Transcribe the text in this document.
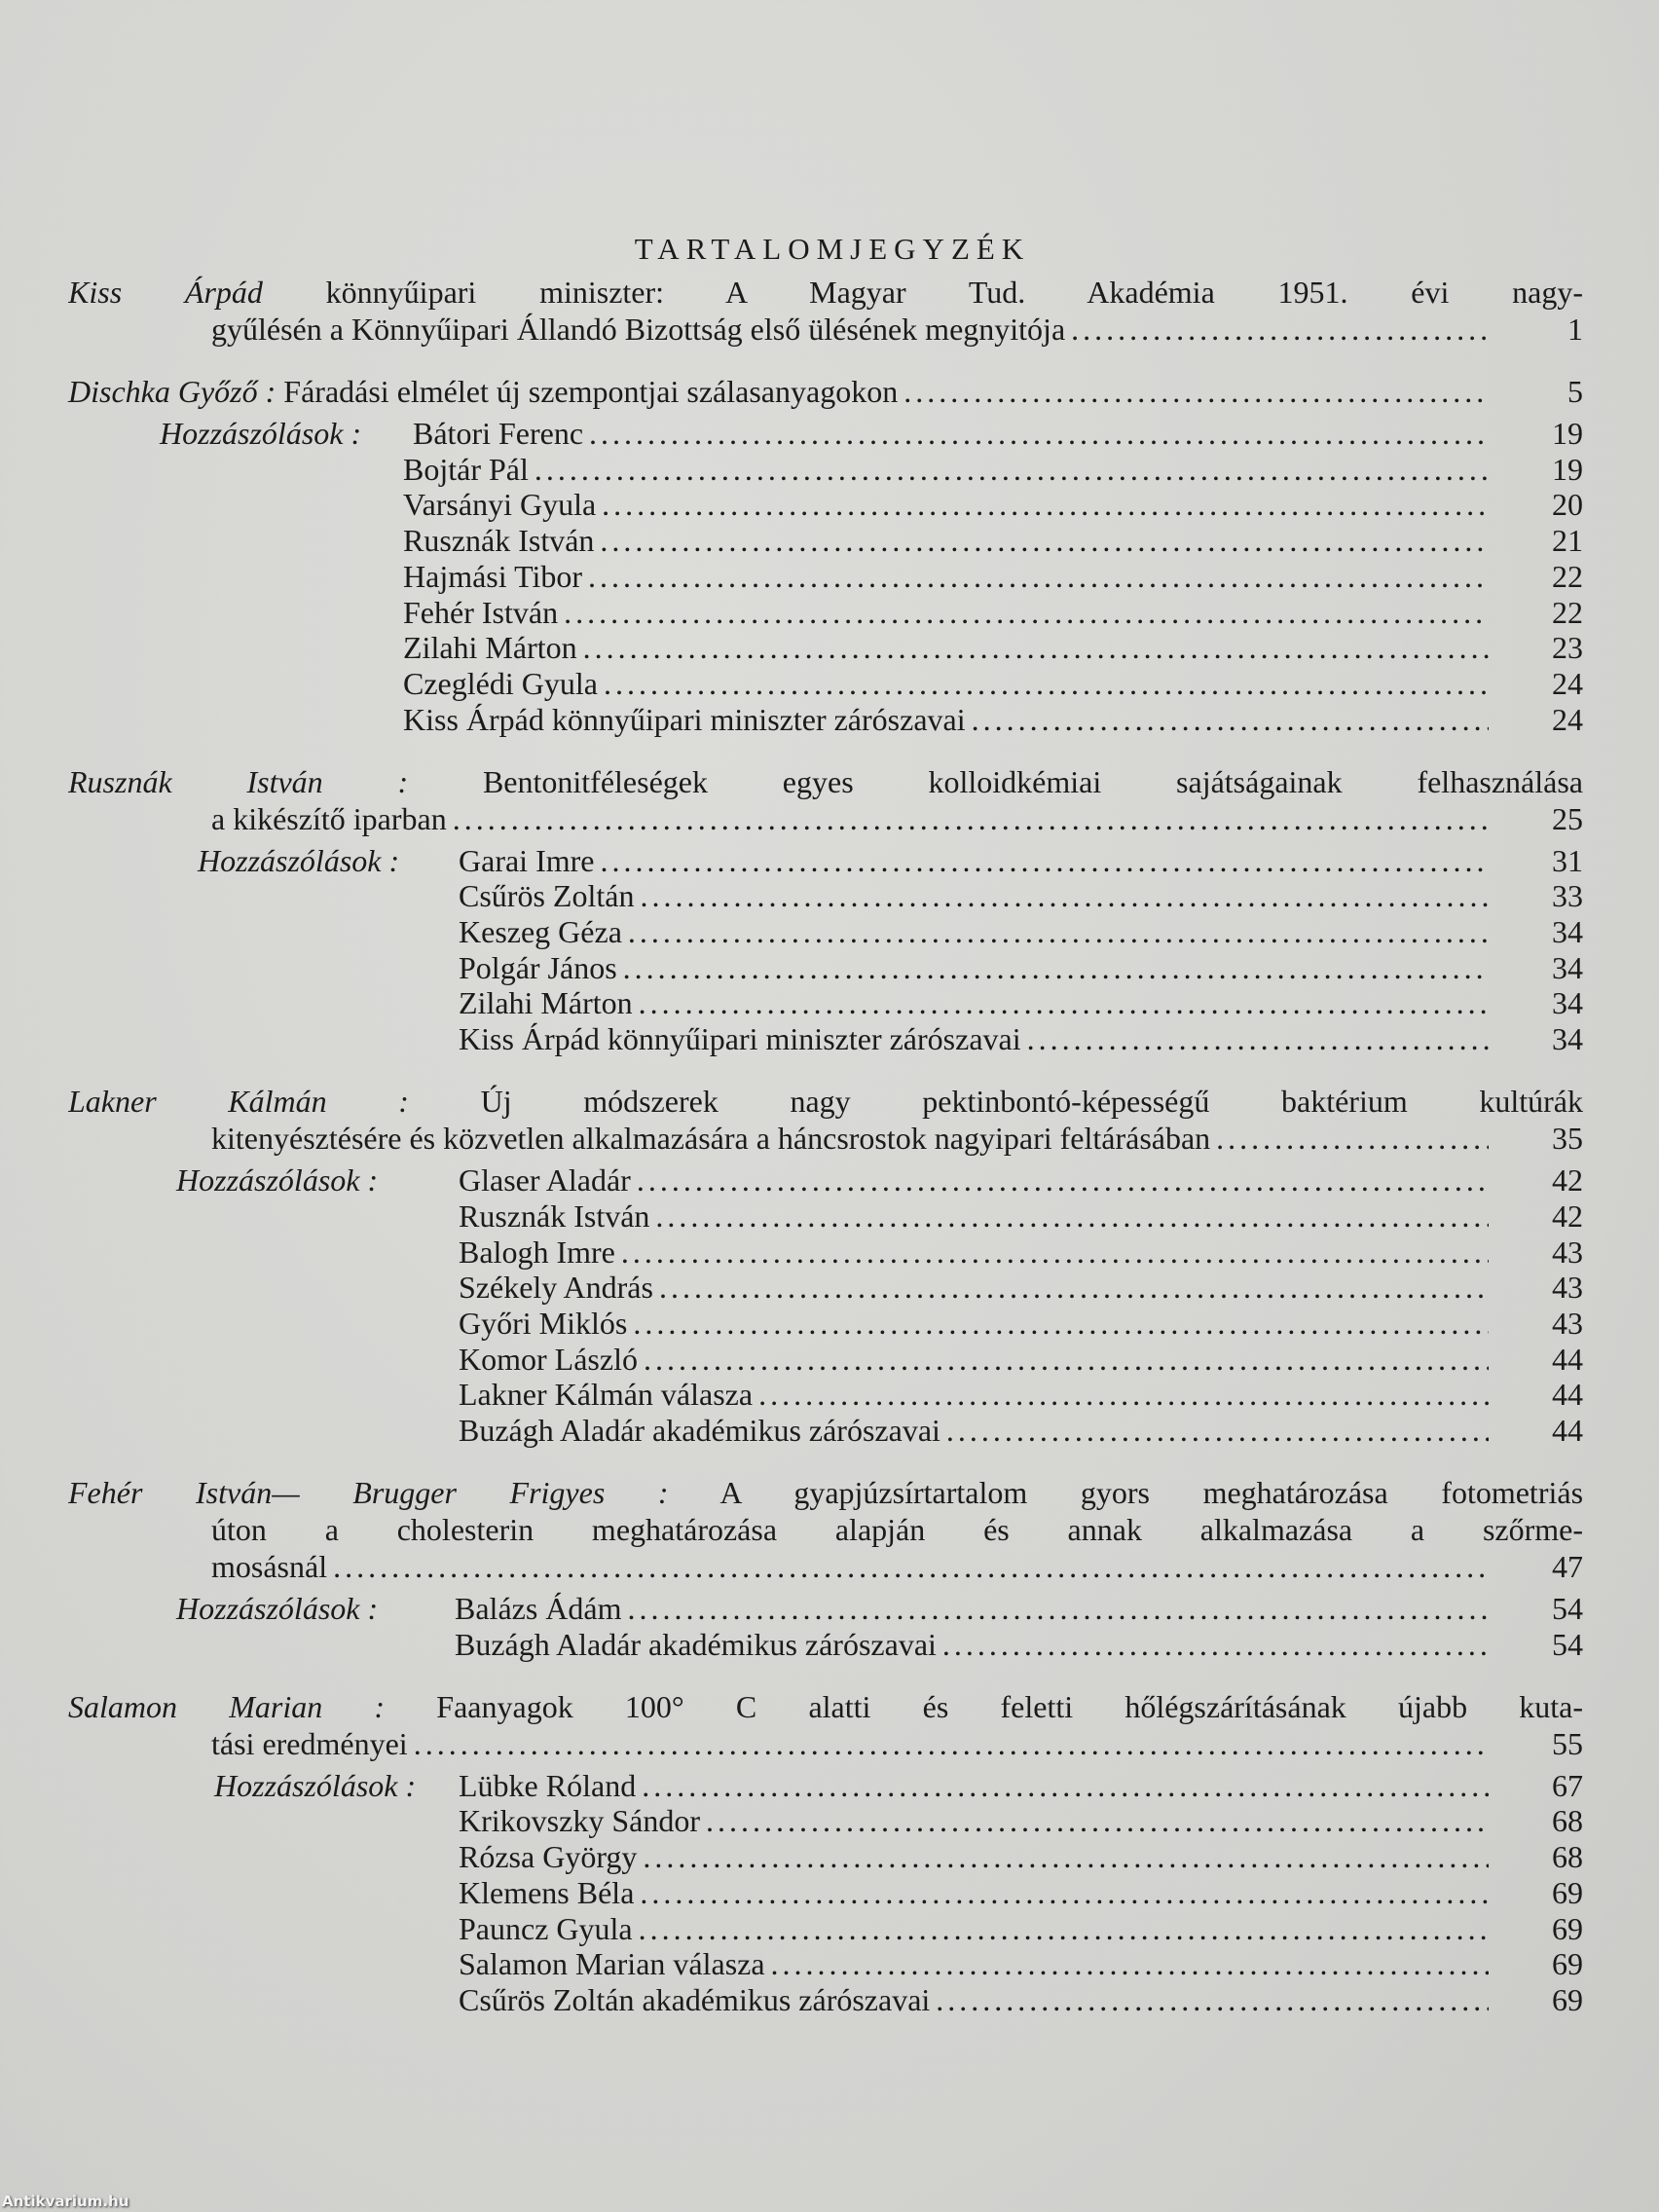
TARTALOMJEGYZÉK
Kiss Árpád könnyűipari miniszter: A Magyar Tud. Akadémia 1951. évi nagy-
gyűlésén a Könnyűipari Állandó Bizottság első ülésének megnyitója .....	1
Dischka Győző : Fáradási elmélet új szempontjai szálasanyagokon .....	5
Hozzászólások : Bátori Ferenc .....	19
Bojtár Pál .....	19
Varsányi Gyula .....	20
Rusznák István .....	21
Hajmási Tibor .....	22
Fehér István .....	22
Zilahi Márton .....	23
Czeglédi Gyula .....	24
Kiss Árpád könnyűipari miniszter zárószavai .....	24
Rusznák István : Bentonitféleségek egyes kolloidkémiai sajátságainak felhasználása
a kikészítő iparban .....	25
Hozzászólások : Garai Imre .....	31
Csűrös Zoltán .....	33
Keszeg Géza .....	34
Polgár János .....	34
Zilahi Márton .....	34
Kiss Árpád könnyűipari miniszter zárószavai .....	34
Lakner Kálmán : Új módszerek nagy pektinbontó-képességű baktérium kultúrák
kitenyésztésére és közvetlen alkalmazására a háncsrostok nagyipari feltárásában .....	35
Hozzászólások :	Glaser Aladár .....	42
Rusznák István .....	42
Balogh Imre .....	43
Székely András .....	43
Győri Miklós .....	43
Komor László .....	44
Lakner Kálmán válasza .....	44
Buzágh Aladár akadémikus zárószavai .....	44
Fehér István— Brugger Frigyes : A gyapjúzsírtartalom gyors meghatározása fotometriás
úton a cholesterin meghatározása alapján és annak alkalmazása a szőrme-
mosásnál .....	47
Hozzászólások : Balázs Ádám .....	54
Buzágh Aladár akadémikus zárószavai .....	54
Salamon Marian : Faanyagok 100° C alatti és feletti hőlégszárításának újabb kuta-
tási eredményei .....	55
Hozzászólások : Lübke Róland .....	67
Krikovszky Sándor .....	68
Rózsa György .....	68
Klemens Béla .....	69
Pauncz Gyula .....	69
Salamon Marian válasza .....	69
Csűrös Zoltán akadémikus zárószavai .....	69
Antikvarium.hu
